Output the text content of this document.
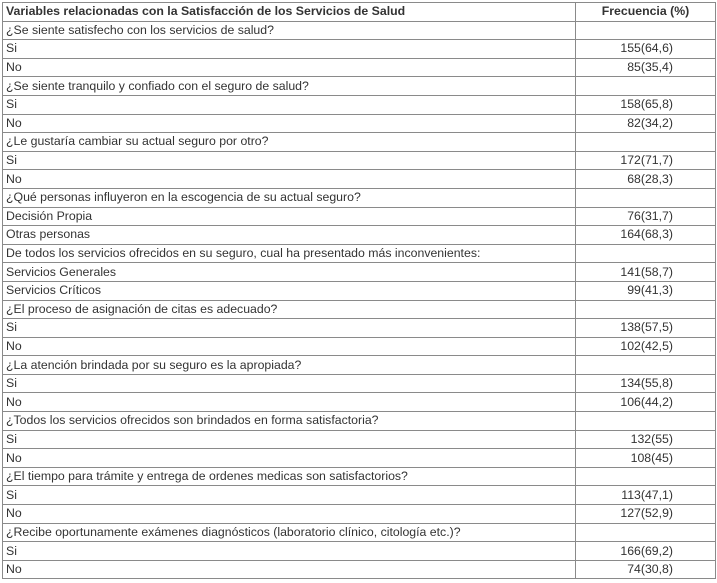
Variables relacionadas con la Satisfacción de los Servicios de Salud	Frecuencia (%)
¿Se siente satisfecho con los servicios de salud?	
Si	155(64,6)
No	85(35,4)
¿Se siente tranquilo y confiado con el seguro de salud?	
Si	158(65,8)
No	82(34,2)
¿Le gustaría cambiar su actual seguro por otro?	
Si	172(71,7)
No	68(28,3)
¿Qué personas influyeron en la escogencia de su actual seguro?	
Decisión Propia	76(31,7)
Otras personas	164(68,3)
De todos los servicios ofrecidos en su seguro, cual ha presentado más inconvenientes:	
Servicios Generales	141(58,7)
Servicios Críticos	99(41,3)
¿El proceso de asignación de citas es adecuado?	
Si	138(57,5)
No	102(42,5)
¿La atención brindada por su seguro es la apropiada?	
Si	134(55,8)
No	106(44,2)
¿Todos los servicios ofrecidos son brindados en forma satisfactoria?	
Si	132(55)
No	108(45)
¿El tiempo para trámite y entrega de ordenes medicas son satisfactorios?	
Si	113(47,1)
No	127(52,9)
¿Recibe oportunamente exámenes diagnósticos (laboratorio clínico, citología etc.)?	
Si	166(69,2)
No	74(30,8)
